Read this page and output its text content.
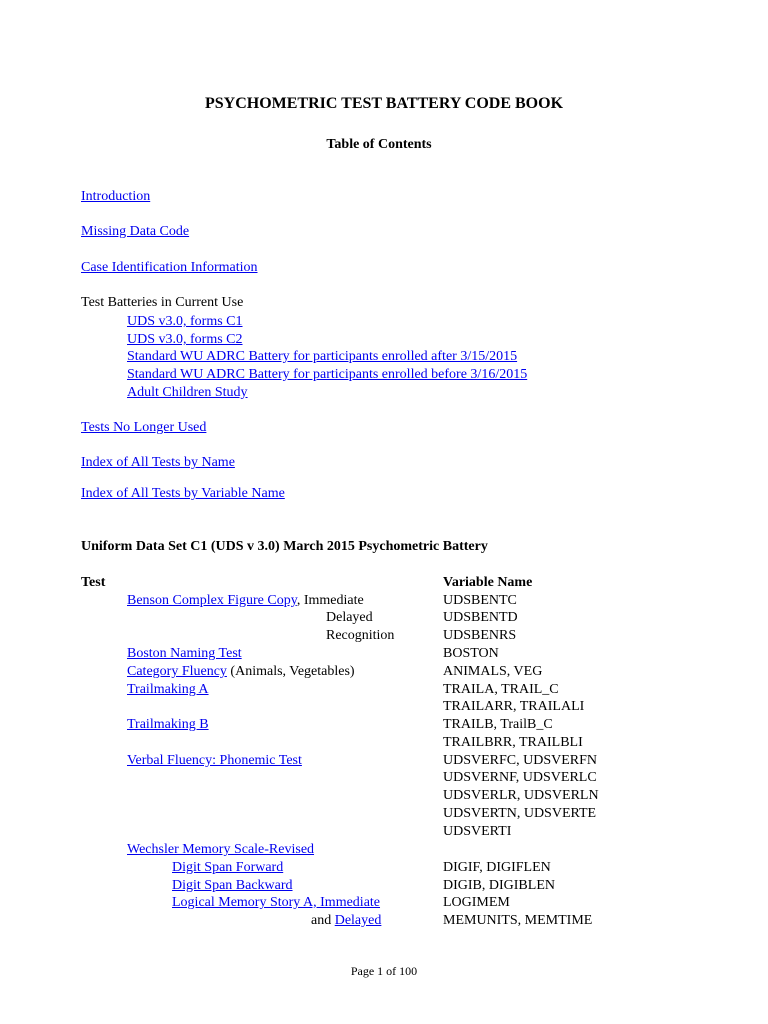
PSYCHOMETRIC TEST BATTERY CODE BOOK
Table of Contents
Introduction
Missing Data Code
Case Identification Information
Test Batteries in Current Use
UDS v3.0, forms C1
UDS v3.0, forms C2
Standard WU ADRC Battery for participants enrolled after 3/15/2015
Standard WU ADRC Battery for participants enrolled before 3/16/2015
Adult Children Study
Tests No Longer Used
Index of All Tests by Name
Index of All Tests by Variable Name
Uniform Data Set C1 (UDS v 3.0) March 2015 Psychometric Battery
Test	Variable Name
Benson Complex Figure Copy, Immediate	UDSBENTC
Delayed	UDSBENTD
Recognition	UDSBENRS
Boston Naming Test	BOSTON
Category Fluency (Animals, Vegetables)	ANIMALS, VEG
Trailmaking A	TRAILA, TRAIL_C
TRAILARR, TRAILALI
Trailmaking B	TRAILB, TrailB_C
TRAILBRR, TRAILBLI
Verbal Fluency: Phonemic Test	UDSVERFC, UDSVERFN
UDSVERNF, UDSVERLC
UDSVERLR, UDSVERLN
UDSVERTN, UDSVERTE
UDSVERTI
Wechsler Memory Scale-Revised
Digit Span Forward	DIGIF, DIGIFLEN
Digit Span Backward	DIGIB, DIGIBLEN
Logical Memory Story A, Immediate	LOGIMEM
and Delayed	MEMUNITS, MEMTIME
Page 1 of 100
